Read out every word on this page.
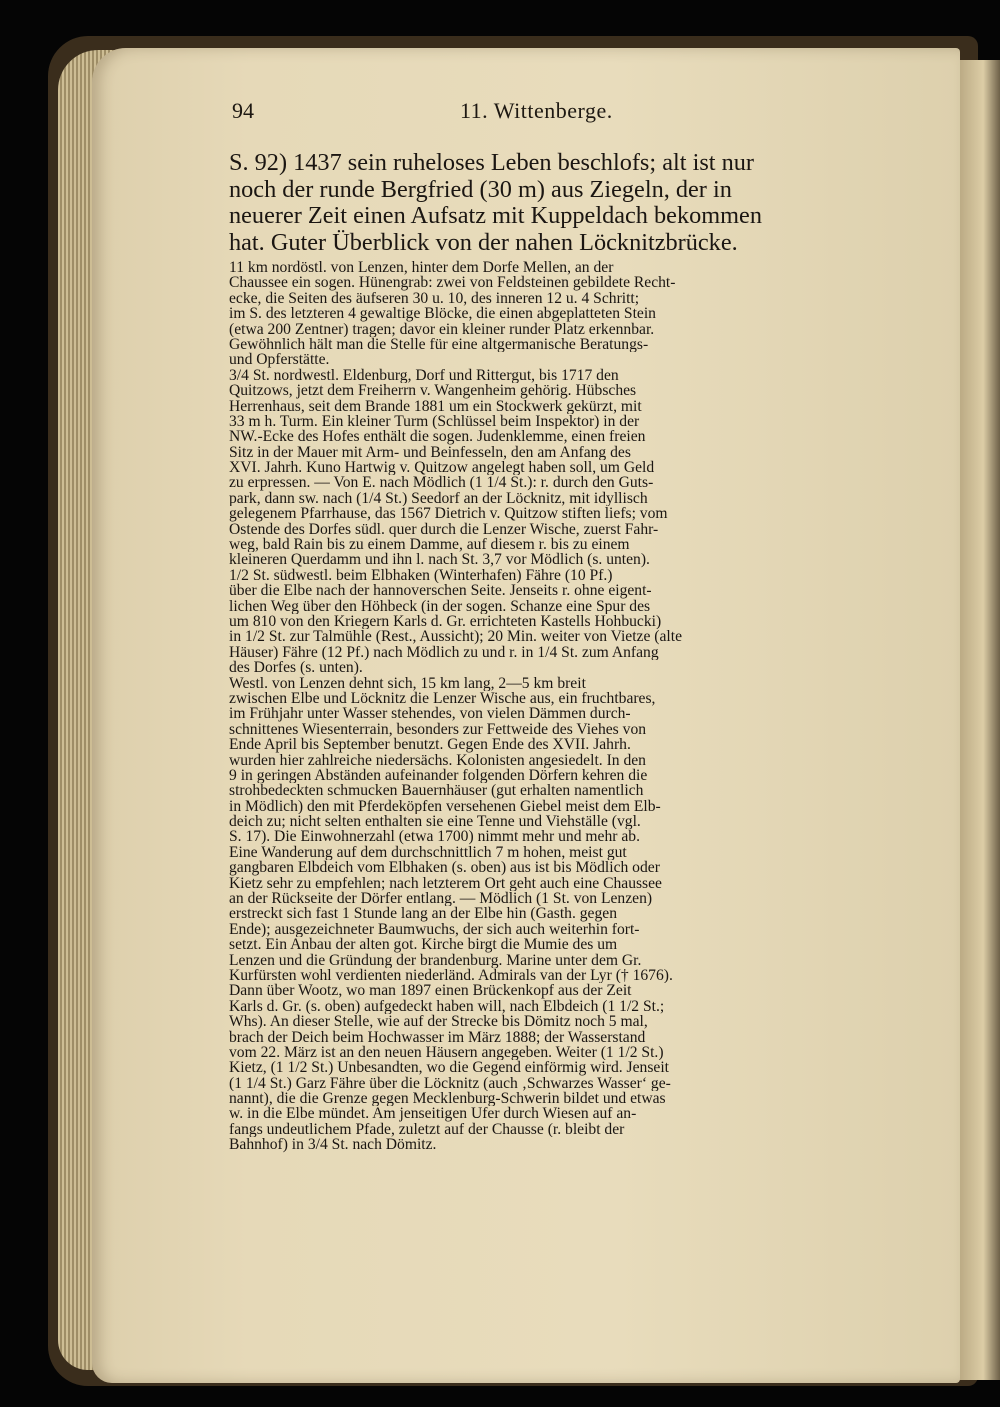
94	11. Wittenberge.
S. 92) 1437 sein ruheloses Leben beschlofs; alt ist nur
noch der runde Bergfried (30 m) aus Ziegeln, der in
neuerer Zeit einen Aufsatz mit Kuppeldach bekommen
hat. Guter Überblick von der nahen Löcknitzbrücke.
11 km nordöstl. von Lenzen, hinter dem Dorfe Mellen, an der
Chaussee ein sogen. Hünengrab: zwei von Feldsteinen gebildete Recht-
ecke, die Seiten des äufseren 30 u. 10, des inneren 12 u. 4 Schritt;
im S. des letzteren 4 gewaltige Blöcke, die einen abgeplatteten Stein
(etwa 200 Zentner) tragen; davor ein kleiner runder Platz erkennbar.
Gewöhnlich hält man die Stelle für eine altgermanische Beratungs-
und Opferstätte.
3/4 St. nordwestl. Eldenburg, Dorf und Rittergut, bis 1717 den
Quitzows, jetzt dem Freiherrn v. Wangenheim gehörig. Hübsches
Herrenhaus, seit dem Brande 1881 um ein Stockwerk gekürzt, mit
33 m h. Turm. Ein kleiner Turm (Schlüssel beim Inspektor) in der
NW.-Ecke des Hofes enthält die sogen. Judenklemme, einen freien
Sitz in der Mauer mit Arm- und Beinfesseln, den am Anfang des
XVI. Jahrh. Kuno Hartwig v. Quitzow angelegt haben soll, um Geld
zu erpressen. — Von E. nach Mödlich (1 1/4 St.): r. durch den Guts-
park, dann sw. nach (1/4 St.) Seedorf an der Löcknitz, mit idyllisch
gelegenem Pfarrhause, das 1567 Dietrich v. Quitzow stiften liefs; vom
Ostende des Dorfes südl. quer durch die Lenzer Wische, zuerst Fahr-
weg, bald Rain bis zu einem Damme, auf diesem r. bis zu einem
kleineren Querdamm und ihn l. nach St. 3,7 vor Mödlich (s. unten).
1/2 St. südwestl. beim Elbhaken (Winterhafen) Fähre (10 Pf.)
über die Elbe nach der hannoverschen Seite. Jenseits r. ohne eigent-
lichen Weg über den Höhbeck (in der sogen. Schanze eine Spur des
um 810 von den Kriegern Karls d. Gr. errichteten Kastells Hohbucki)
in 1/2 St. zur Talmühle (Rest., Aussicht); 20 Min. weiter von Vietze (alte
Häuser) Fähre (12 Pf.) nach Mödlich zu und r. in 1/4 St. zum Anfang
des Dorfes (s. unten).
Westl. von Lenzen dehnt sich, 15 km lang, 2—5 km breit
zwischen Elbe und Löcknitz die Lenzer Wische aus, ein fruchtbares,
im Frühjahr unter Wasser stehendes, von vielen Dämmen durch-
schnittenes Wiesenterrain, besonders zur Fettweide des Viehes von
Ende April bis September benutzt. Gegen Ende des XVII. Jahrh.
wurden hier zahlreiche niedersächs. Kolonisten angesiedelt. In den
9 in geringen Abständen aufeinander folgenden Dörfern kehren die
strohbedeckten schmucken Bauernhäuser (gut erhalten namentlich
in Mödlich) den mit Pferdeköpfen versehenen Giebel meist dem Elb-
deich zu; nicht selten enthalten sie eine Tenne und Viehställe (vgl.
S. 17). Die Einwohnerzahl (etwa 1700) nimmt mehr und mehr ab.
Eine Wanderung auf dem durchschnittlich 7 m hohen, meist gut
gangbaren Elbdeich vom Elbhaken (s. oben) aus ist bis Mödlich oder
Kietz sehr zu empfehlen; nach letzterem Ort geht auch eine Chaussee
an der Rückseite der Dörfer entlang. — Mödlich (1 St. von Lenzen)
erstreckt sich fast 1 Stunde lang an der Elbe hin (Gasth. gegen
Ende); ausgezeichneter Baumwuchs, der sich auch weiterhin fort-
setzt. Ein Anbau der alten got. Kirche birgt die Mumie des um
Lenzen und die Gründung der brandenburg. Marine unter dem Gr.
Kurfürsten wohl verdienten niederländ. Admirals van der Lyr († 1676).
Dann über Wootz, wo man 1897 einen Brückenkopf aus der Zeit
Karls d. Gr. (s. oben) aufgedeckt haben will, nach Elbdeich (1 1/2 St.;
Whs). An dieser Stelle, wie auf der Strecke bis Dömitz noch 5 mal,
brach der Deich beim Hochwasser im März 1888; der Wasserstand
vom 22. März ist an den neuen Häusern angegeben. Weiter (1 1/2 St.)
Kietz, (1 1/2 St.) Unbesandten, wo die Gegend einförmig wird. Jenseit
(1 1/4 St.) Garz Fähre über die Löcknitz (auch ‚Schwarzes Wasser‘ ge-
nannt), die die Grenze gegen Mecklenburg-Schwerin bildet und etwas
w. in die Elbe mündet. Am jenseitigen Ufer durch Wiesen auf an-
fangs undeutlichem Pfade, zuletzt auf der Chausse (r. bleibt der
Bahnhof) in 3/4 St. nach Dömitz.
